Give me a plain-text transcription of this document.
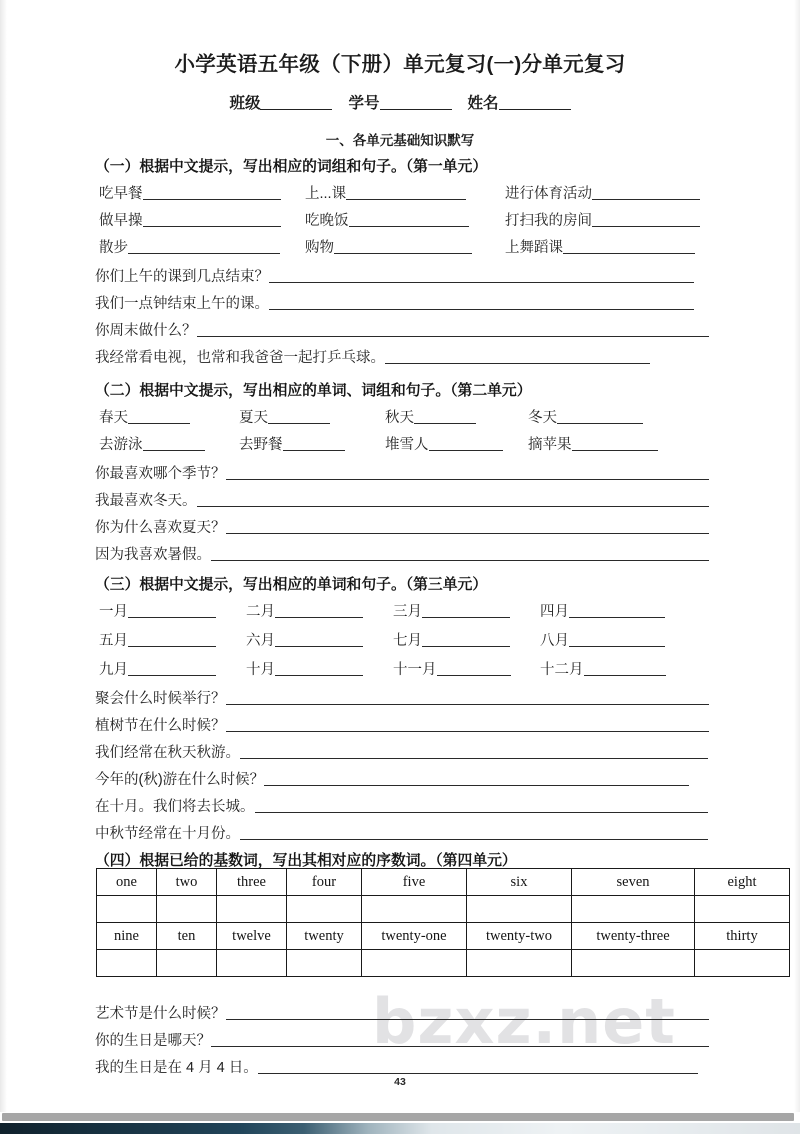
bzxz.net
小学英语五年级（下册）单元复习(一)分单元复习
班级	学号	姓名
一、各单元基础知识默写
（一）根据中文提示，写出相应的词组和句子。（第一单元）
吃早餐	上...课	进行体育活动
做早操	吃晚饭	打扫我的房间
散步	购物	上舞蹈课
你们上午的课到几点结束？
我们一点钟结束上午的课。
你周末做什么？
我经常看电视，也常和我爸爸一起打乒乓球。
（二）根据中文提示，写出相应的单词、词组和句子。（第二单元）
春天	夏天	秋天	冬天
去游泳	去野餐	堆雪人	摘苹果
你最喜欢哪个季节？
我最喜欢冬天。
你为什么喜欢夏天？
因为我喜欢暑假。
（三）根据中文提示，写出相应的单词和句子。（第三单元）
一月	二月	三月	四月
五月	六月	七月	八月
九月	十月	十一月	十二月
聚会什么时候举行？
植树节在什么时候？
我们经常在秋天秋游。
今年的(秋)游在什么时候？
在十月。我们将去长城。
中秋节经常在十月份。
（四）根据已给的基数词，写出其相对应的序数词。（第四单元）
one	two	three	four	five	six	seven	eight

nine	ten	twelve	twenty	twenty-one	twenty-two	twenty-three	thirty

艺术节是什么时候？
你的生日是哪天？
我的生日是在 4 月 4 日。
43
